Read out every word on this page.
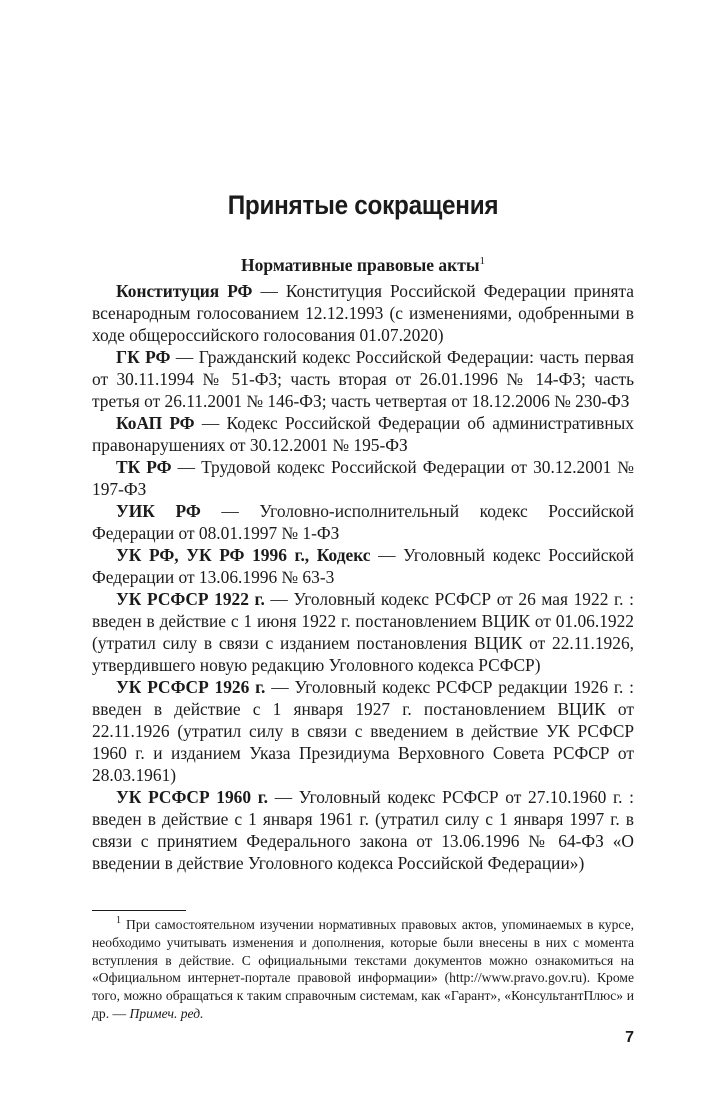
Принятые сокращения
Нормативные правовые акты$^1$

Конституция РФ — Конституция Российской Федерации принята всенародным голосованием 12.12.1993 (с изменениями, одобренными в ходе общероссийского голосования 01.07.2020)

ГК РФ — Гражданский кодекс Российской Федерации: часть первая от 30.11.1994 № 51-ФЗ; часть вторая от 26.01.1996 № 14-ФЗ; часть третья от 26.11.2001 № 146-ФЗ; часть четвертая от 18.12.2006 № 230-ФЗ

КоАП РФ — Кодекс Российской Федерации об административных правонарушениях от 30.12.2001 № 195-ФЗ

ТК РФ — Трудовой кодекс Российской Федерации от 30.12.2001 № 197-ФЗ

УИК РФ — Уголовно-исполнительный кодекс Российской Федерации от 08.01.1997 № 1-ФЗ

УК РФ, УК РФ 1996 г., Кодекс — Уголовный кодекс Российской Федерации от 13.06.1996 № 63-3

УК РСФСР 1922 г. — Уголовный кодекс РСФСР от 26 мая 1922 г. : введен в действие с 1 июня 1922 г. постановлением ВЦИК от 01.06.1922 (утратил силу в связи с изданием постановления ВЦИК от 22.11.1926, утвердившего новую редакцию Уголовного кодекса РСФСР)

УК РСФСР 1926 г. — Уголовный кодекс РСФСР редакции 1926 г. : введен в действие с 1 января 1927 г. постановлением ВЦИК от 22.11.1926 (утратил силу в связи с введением в действие УК РСФСР 1960 г. и изданием Указа Президиума Верховного Совета РСФСР от 28.03.1961)

УК РСФСР 1960 г. — Уголовный кодекс РСФСР от 27.10.1960 г. : введен в действие с 1 января 1961 г. (утратил силу с 1 января 1997 г. в связи с принятием Федерального закона от 13.06.1996 № 64-ФЗ «О введении в действие Уголовного кодекса Российской Федерации»)

$^1$ При самостоятельном изучении нормативных правовых актов, упоминаемых в курсе, необходимо учитывать изменения и дополнения, которые были внесены в них с момента вступления в действие. С официальными текстами документов можно ознакомиться на «Официальном интернет-портале правовой информации» (http://www.pravo.gov.ru). Кроме того, можно обращаться к таким справочным системам, как «Гарант», «КонсультантПлюс» и др. — Примеч. ред.
7
